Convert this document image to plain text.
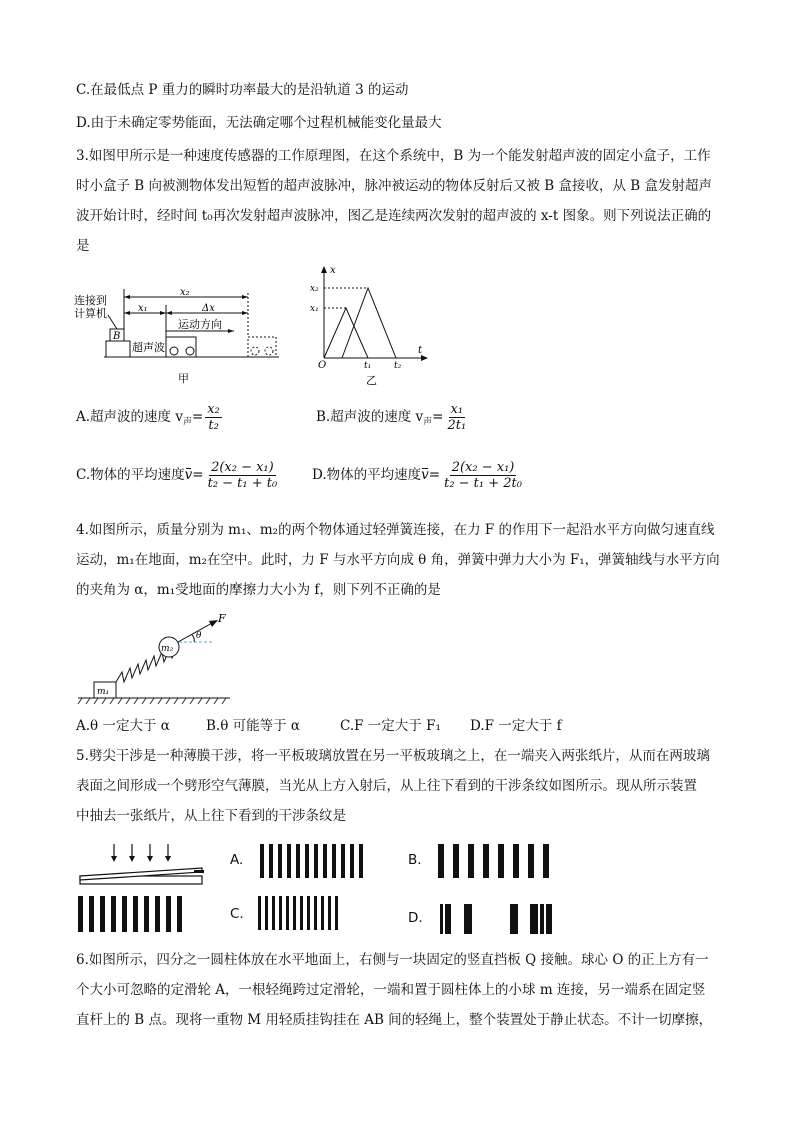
C.在最低点 P 重力的瞬时功率最大的是沿轨道 3 的运动
D.由于未确定零势能面，无法确定哪个过程机械能变化量最大
3.如图甲所示是一种速度传感器的工作原理图，在这个系统中，B 为一个能发射超声波的固定小盒子，工作
时小盒子 B 向被测物体发出短暂的超声波脉冲，脉冲被运动的物体反射后又被 B 盒接收，从 B 盒发射超声
波开始计时，经时间 t₀再次发射超声波脉冲，图乙是连续两次发射的超声波的 x-t 图象。则下列说法正确的
是
连接到
计算机
x₂
x₁	Δx
运动方向
B
超声波
甲
x
x₂
x₁
O	t₁	t₂
t
乙
A.超声波的速度 $v_声= \frac{\text{x₂}}{\text{t₂}}$	B.超声波的速度 $v_声= \frac{\text{x₁}}{\text{2t₁}}$
C.物体的平均速度$v= \frac{\text{2(x₂ − x₁)}}{\text{t₂ − t₁ + t₀}} D$.物体的平均速度$v= \frac{\text{2(x₂ − x₁)}}{\text{t₂ − t₁ + 2t₀}}$
4.如图所示，质量分别为 m₁、m₂的两个物体通过轻弹簧连接，在力 F 的作用下一起沿水平方向做匀速直线
运动，m₁在地面，m₂在空中。此时，力 F 与水平方向成 θ 角，弹簧中弹力大小为 F₁，弹簧轴线与水平方向
的夹角为 α，m₁受地面的摩擦力大小为 f，则下列不正确的是
F
θ
m₂
m₁
A.θ 一定大于 α	B.θ 可能等于 α	C.F 一定大于 F₁ D.F 一定大于 f
5.劈尖干涉是一种薄膜干涉，将一平板玻璃放置在另一平板玻璃之上，在一端夹入两张纸片，从而在两玻璃
表面之间形成一个劈形空气薄膜，当光从上方入射后，从上往下看到的干涉条纹如图所示。现从所示装置
中抽去一张纸片，从上往下看到的干涉条纹是
A.	B.
C.	D.
6.如图所示，四分之一圆柱体放在水平地面上，右侧与一块固定的竖直挡板 Q 接触。球心 O 的正上方有一
个大小可忽略的定滑轮 A，一根轻绳跨过定滑轮，一端和置于圆柱体上的小球 m 连接，另一端系在固定竖
直杆上的 B 点。现将一重物 M 用轻质挂钩挂在 AB 间的轻绳上，整个装置处于静止状态。不计一切摩擦，
